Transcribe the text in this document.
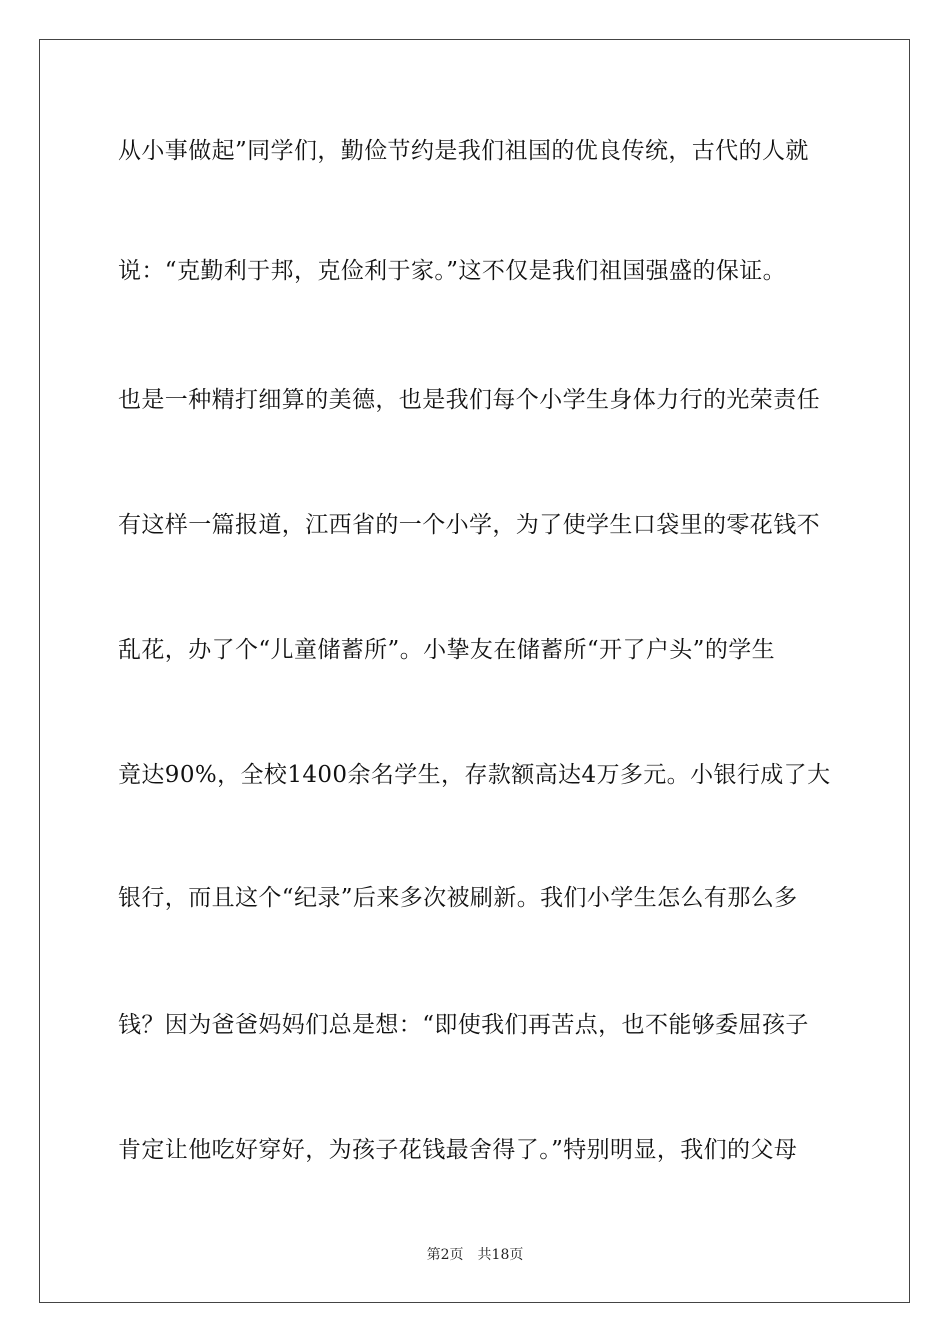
从小事做起”同学们，勤俭节约是我们祖国的优良传统，古代的人就
说：“克勤利于邦，克俭利于家。”这不仅是我们祖国强盛的保证。
也是一种精打细算的美德，也是我们每个小学生身体力行的光荣责任
有这样一篇报道，江西省的一个小学，为了使学生口袋里的零花钱不
乱花，办了个“儿童储蓄所”。小挚友在储蓄所“开了户头”的学生
竟达90%，全校1400余名学生，存款额高达4万多元。小银行成了大
银行，而且这个“纪录”后来多次被刷新。我们小学生怎么有那么多
钱？因为爸爸妈妈们总是想：“即使我们再苦点，也不能够委屈孩子
肯定让他吃好穿好，为孩子花钱最舍得了。”特别明显，我们的父母
第2页 共18页
